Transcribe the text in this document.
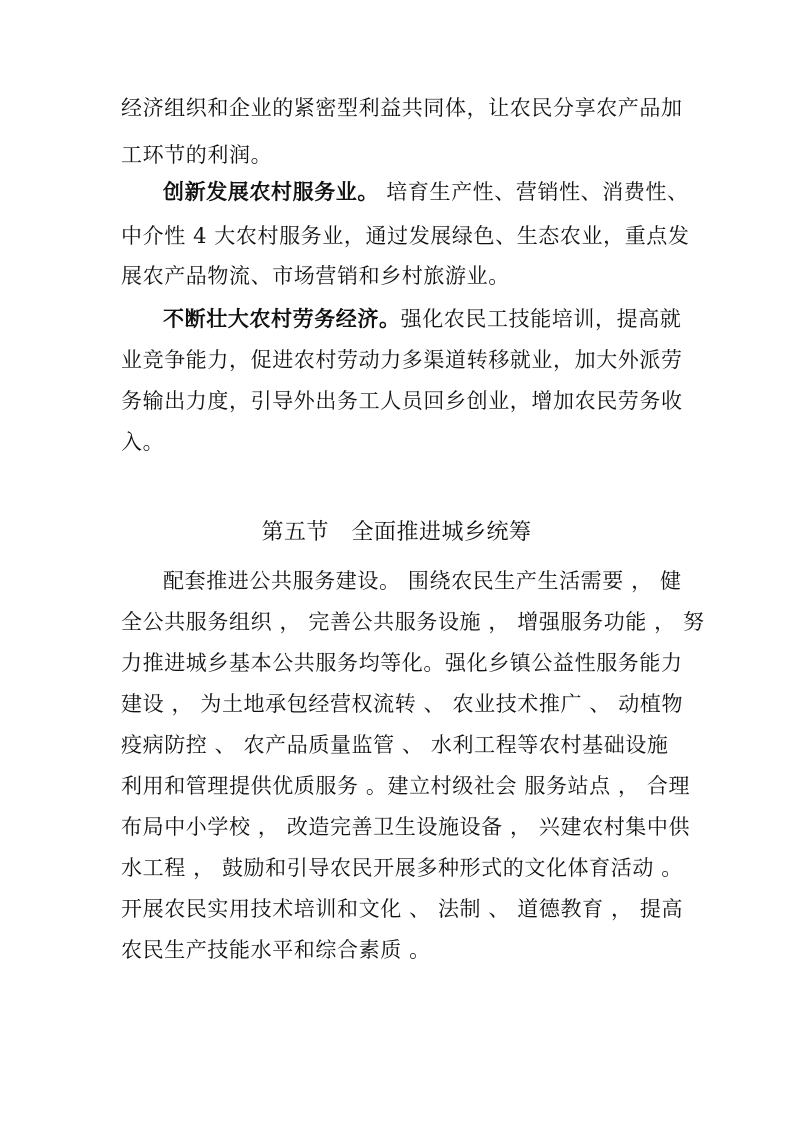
经济组织和企业的紧密型利益共同体，让农民分享农产品加
工环节的利润。
创新发展农村服务业。 培育生产性、营销性、消费性、
中介性 4 大农村服务业，通过发展绿色、生态农业，重点发
展农产品物流、市场营销和乡村旅游业。
不断壮大农村劳务经济。强化农民工技能培训，提高就
业竞争能力，促进农村劳动力多渠道转移就业，加大外派劳
务输出力度，引导外出务工人员回乡创业，增加农民劳务收
入。
第五节　全面推进城乡统筹
配套推进公共服务建设。 围绕农民生产生活需要 ， 健
全公共服务组织 ， 完善公共服务设施 ， 增强服务功能 ， 努
力推进城乡基本公共服务均等化。强化乡镇公益性服务能力
建设 ， 为土地承包经营权流转 、 农业技术推广 、 动植物
疫病防控 、 农产品质量监管 、 水利工程等农村基础设施
利用和管理提供优质服务 。建立村级社会 服务站点 ， 合理
布局中小学校 ， 改造完善卫生设施设备 ， 兴建农村集中供
水工程 ， 鼓励和引导农民开展多种形式的文化体育活动 。
开展农民实用技术培训和文化 、 法制 、 道德教育 ， 提高
农民生产技能水平和综合素质 。
